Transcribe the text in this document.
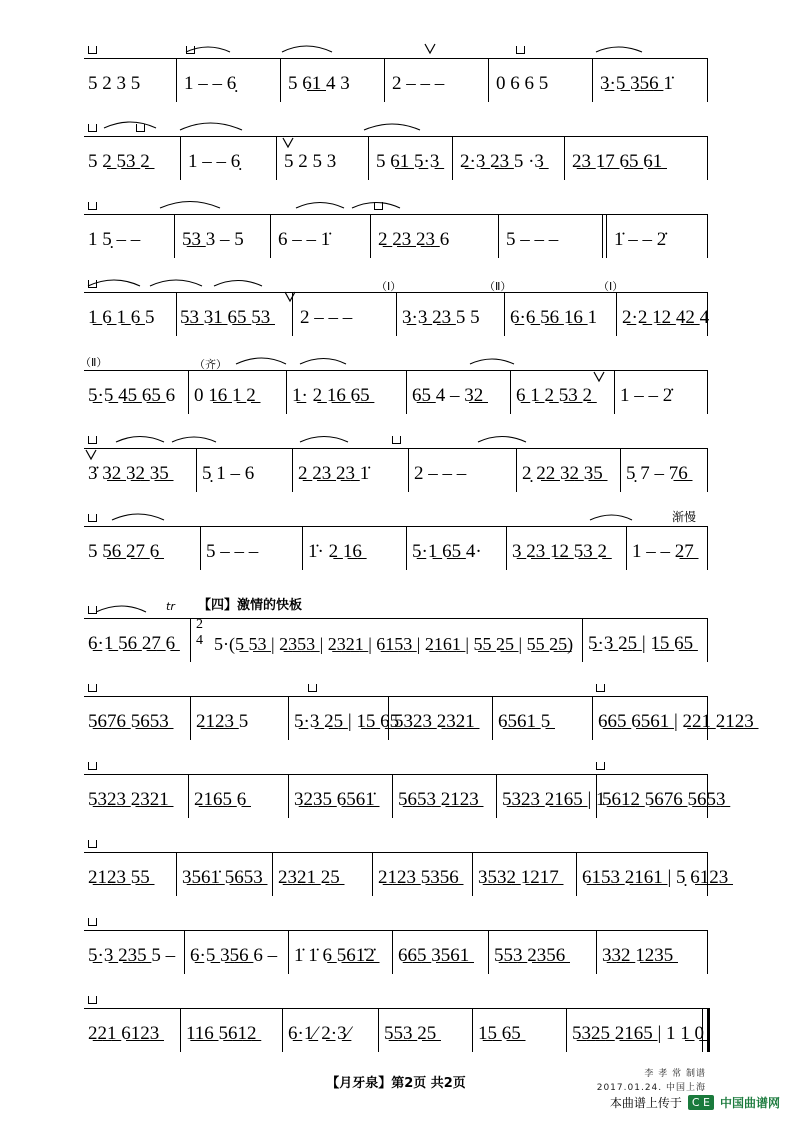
5 2 3 5 1 – – 6̣	5 6̲1̲ 4 3 2 – – –	0 6 6 5	3̲·5̲ 3̲5̲6̲ 1̇
5 2̲ 5̲3̲ 2̲ 1 – – 6̣ 5 2 5 3 5 6̲1̲ 5̲·3̲ 2̲·3̲ 2̲3̲ 5 ·3̲ 2̲3̲ 1̲7̲ 6̲5̲ 6̲1̲
1 5̣ – – 5̲3̲ 3 – 5 6 – – 1̇	2̲ 2̲3̲ 2̲3̲ 6	5 – – –	1̇ – – 2̇
1̲ 6̲ 1̲ 6̲ 5 5̲3̲ 3̲1̲ 6̲5̲ 5̲3̲ 2 – – –	3̲·3̲ 2̲3̲ 5 5 6̲·6̲ 5̲6̲ 1̲6̲ 1 2̲·2̲ 1̲2̲ 4̲2̲ 4
（Ⅰ）	（Ⅱ）	（Ⅰ）
（Ⅱ）	（齐）
5̲·5̲ 4̲5̲ 6̲5̲ 6 0 1̲6̲ 1̲ 2̲ 1̲· 2̲ 1̲6̲ 6̲5̲ 6̲5̲ 4 – 3̲2̲ 6̲ 1̲ 2̲ 5̲3̲ 2̲ 1 – – 2̇
3̇ 3̲2̲ 3̲2̲ 3̲5̲ 5̣ 1 – 6 2̲ 2̲3̲ 2̲3̲ 1̇ 2 – – –	2̣ 2̲2̲ 3̲2̲ 3̲5̲ 5̣ 7 – 7̲6̲
渐慢
5 5̲6̲ 2̲7̲ 6̲ 5 – – –	1̇· 2̲ 1̲6̲	5̲·1̲ 6̲5̲ 4· 3̲ 2̲3̲ 1̲2̲ 5̲3̲ 2̲ 1 – – 2̲7̲
【四】激情的快板
tr
6̲·1̲ 5̲6̲ 2̲7̲ 6̲
2
4 5·(5̲ 5̲3̲ | 2̲3̲5̲3̲ | 2̲3̲2̲1̲ | 6̲1̲5̲3̲ | 2̲1̲6̲1̲ | 5̲5̲ 2̲5̲ | 5̲5̲ 2̲5̲) 5̲·3̲ 2̲5̲ | 1̲5̲ 6̲5̲
5̲6̲7̲6̲ 5̲6̲5̲3̲ 2̲1̲2̲3̲ 5 5̲·3̲ 2̲5̲ | 1̲5̲ 6̲5̲
5̲3̲2̲3̲ 2̲3̲2̲1̲ 6̲5̲6̲1̲ 5̲	6̲6̲5̲ 6̲5̲6̲1̲ | 2̲2̲1̲ 2̲1̲2̲3̲
5̲3̲2̲3̲ 2̲3̲2̲1̲ 2̲1̲6̲5̲ 6̲	3̲2̲3̲5̲ 6̲5̲6̲1̲̇ 5̲6̲5̲3̲ 2̲1̲2̲3̲ 5̲3̲2̲3̲ 2̲1̲6̲5̲ | 1
5̲6̲1̲2̲ 5̲6̲7̲6̲ 5̲6̲5̲3̲
2̲1̲2̲3̲ 5̲5̲ 3̲5̲6̲1̲̇ 5̲6̲5̲3̲ 2̲3̲2̲1̲ 2̲5̲ 2̲1̲2̲3̲ 5̲3̲5̲6̲ 3̲5̲3̲2̲ 1̲2̲1̲7̲ 6̲1̲5̲3̲ 2̲1̲6̲1̲ | 5̣ 6̲1̲2̲3̲
5̲·3̲ 2̲3̲5̲ 5 – 6̲·5̲ 3̲5̲6̲ 6 – 1̇ 1̇ 6̲ 5̲6̲1̲̇2̲̇ 6̲6̲5̲ 3̲5̲6̲1̲ 5̲5̲3̲ 2̲3̲5̲6̲ 3̲3̲2̲ 1̲2̲3̲5̲
2̲2̲1̲ 6̲1̲2̲3̲ 1̲1̲6̲ 5̲6̲1̲2̲ 6̲·1̲⁄ 2̲·3̲⁄ 5̲5̲3̲ 2̲5̲ 1̲5̲ 6̲5̲	5̲3̲2̲5̲ 2̲1̲6̲5̲ | 1 1̲ 0̲
【月牙泉】第2页 共2页
李 孝 常 制谱
2017.01.24. 中国上海
本曲谱上传于 C E 中国曲谱网
